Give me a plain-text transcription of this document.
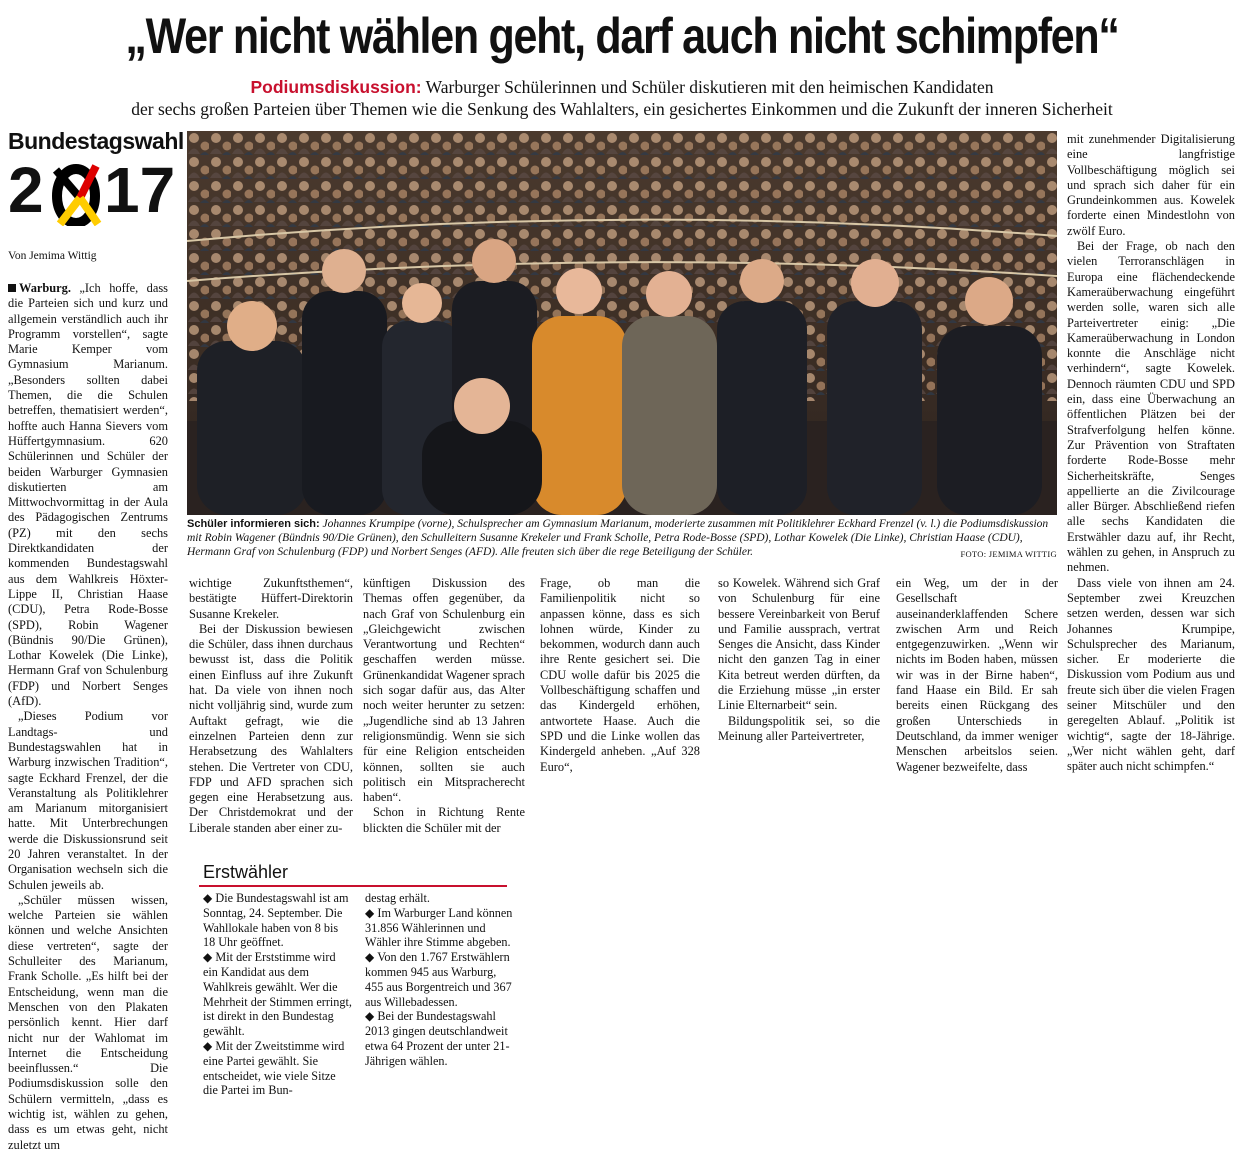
„Wer nicht wählen geht, darf auch nicht schimpfen“
Podiumsdiskussion: Warburger Schülerinnen und Schüler diskutieren mit den heimischen Kandidaten
der sechs großen Parteien über Themen wie die Senkung des Wahlalters, ein gesichertes Einkommen und die Zukunft der inneren Sicherheit
Bundestagswahl
2 17
Von Jemima Wittig

Warburg. „Ich hoffe, dass die Parteien sich und kurz und allgemein verständlich auch ihr Programm vorstellen“, sagte Marie Kemper vom Gymnasium Marianum. „Besonders sollten dabei Themen, die die Schulen betreffen, thematisiert werden“, hoffte auch Hanna Sievers vom Hüffertgymnasium. 620 Schülerinnen und Schüler der beiden Warburger Gymnasien diskutierten am Mittwochvormittag in der Aula des Pädagogischen Zentrums (PZ) mit den sechs Direktkandidaten der kommenden Bundestagswahl aus dem Wahlkreis Höxter-Lippe II, Christian Haase (CDU), Petra Rode-Bosse (SPD), Robin Wagener (Bündnis 90/Die Grünen), Lothar Kowelek (Die Linke), Hermann Graf von Schulenburg (FDP) und Norbert Senges (AfD).

„Dieses Podium vor Landtags- und Bundestagswahlen hat in Warburg inzwischen Tradition“, sagte Eckhard Frenzel, der die Veranstaltung als Politiklehrer am Marianum mitorganisiert hatte. Mit Unterbrechungen werde die Diskussionsrund seit 20 Jahren veranstaltet. In der Organisation wechseln sich die Schulen jeweils ab.

„Schüler müssen wissen, welche Parteien sie wählen können und welche Ansichten diese vertreten“, sagte der Schulleiter des Marianum, Frank Scholle. „Es hilft bei der Entscheidung, wenn man die Menschen von den Plakaten persönlich kennt. Hier darf nicht nur der Wahlomat im Internet die Entscheidung beeinflussen.“ Die Podiumsdiskussion solle den Schülern vermitteln, „dass es wichtig ist, wählen zu gehen, dass es um etwas geht, nicht zuletzt um

Schüler informieren sich: Johannes Krumpipe (vorne), Schulsprecher am Gymnasium Marianum, moderierte zusammen mit Politiklehrer Eckhard Frenzel (v. l.) die Podiumsdiskussion mit Robin Wagener (Bündnis 90/Die Grünen), den Schulleitern Susanne Krekeler und Frank Scholle, Petra Rode-Bosse (SPD), Lothar Kowelek (Die Linke), Christian Haase (CDU), Hermann Graf von Schulenburg (FDP) und Norbert Senges (AFD). Alle freuten sich über die rege Beteiligung der Schüler.	FOTO: JEMIMA WITTIG

wichtige Zukunftsthemen“, bestätigte Hüffert-Direktorin Susanne Krekeler.

Bei der Diskussion bewiesen die Schüler, dass ihnen durchaus bewusst ist, dass die Politik einen Einfluss auf ihre Zukunft hat. Da viele von ihnen noch nicht volljährig sind, wurde zum Auftakt gefragt, wie die einzelnen Parteien denn zur Herabsetzung des Wahlalters stehen. Die Vertreter von CDU, FDP und AFD sprachen sich gegen eine Herabsetzung aus. Der Christdemokrat und der Liberale standen aber einer zu-

künftigen Diskussion des Themas offen gegenüber, da nach Graf von Schulenburg ein „Gleichgewicht zwischen Verantwortung und Rechten“ geschaffen werden müsse. Grünenkandidat Wagener sprach sich sogar dafür aus, das Alter noch weiter herunter zu setzen: „Jugendliche sind ab 13 Jahren religionsmündig. Wenn sie sich für eine Religion entscheiden können, sollten sie auch politisch ein Mitspracherecht haben“.

Schon in Richtung Rente blickten die Schüler mit der

Frage, ob man die Familienpolitik nicht so anpassen könne, dass es sich lohnen würde, Kinder zu bekommen, wodurch dann auch ihre Rente gesichert sei. Die CDU wolle dafür bis 2025 die Vollbeschäftigung schaffen und das Kindergeld erhöhen, antwortete Haase. Auch die SPD und die Linke wollen das Kindergeld anheben. „Auf 328 Euro“,

so Kowelek. Während sich Graf von Schulenburg für eine bessere Vereinbarkeit von Beruf und Familie aussprach, vertrat Senges die Ansicht, dass Kinder nicht den ganzen Tag in einer Kita betreut werden dürften, da die Erziehung müsse „in erster Linie Elternarbeit“ sein.

Bildungspolitik sei, so die Meinung aller Parteivertreter,

ein Weg, um der in der Gesellschaft auseinanderklaffenden Schere zwischen Arm und Reich entgegenzuwirken. „Wenn wir nichts im Boden haben, müssen wir was in der Birne haben“, fand Haase ein Bild. Er sah bereits einen Rückgang des großen Unterschieds in Deutschland, da immer weniger Menschen arbeitslos seien. Wagener bezweifelte, dass

mit zunehmender Digitalisierung eine langfristige Vollbeschäftigung möglich sei und sprach sich daher für ein Grundeinkommen aus. Kowelek forderte einen Mindestlohn von zwölf Euro.

Bei der Frage, ob nach den vielen Terroranschlägen in Europa eine flächendeckende Kameraüberwachung eingeführt werden solle, waren sich alle Parteivertreter einig: „Die Kameraüberwachung in London konnte die Anschläge nicht verhindern“, sagte Kowelek. Dennoch räumten CDU und SPD ein, dass eine Überwachung an öffentlichen Plätzen bei der Strafverfolgung helfen könne. Zur Prävention von Straftaten forderte Rode-Bosse mehr Sicherheitskräfte, Senges appellierte an die Zivilcourage aller Bürger. Abschließend riefen alle sechs Kandidaten die Erstwähler dazu auf, ihr Recht, wählen zu gehen, in Anspruch zu nehmen.

Dass viele von ihnen am 24. September zwei Kreuzchen setzen werden, dessen war sich Johannes Krumpipe, Schulsprecher des Marianum, sicher. Er moderierte die Diskussion vom Podium aus und freute sich über die vielen Fragen seiner Mitschüler und den geregelten Ablauf. „Politik ist wichtig“, sagte der 18-Jährige. „Wer nicht wählen geht, darf später auch nicht schimpfen.“

Erstwähler

◆ Die Bundestagswahl ist am Sonntag, 24. September. Die Wahllokale haben von 8 bis 18 Uhr geöffnet.

◆ Mit der Erststimme wird ein Kandidat aus dem Wahlkreis gewählt. Wer die Mehrheit der Stimmen erringt, ist direkt in den Bundestag gewählt.

◆ Mit der Zweitstimme wird eine Partei gewählt. Sie entscheidet, wie viele Sitze die Partei im Bun-

destag erhält.

◆ Im Warburger Land können 31.856 Wählerinnen und Wähler ihre Stimme abgeben.

◆ Von den 1.767 Erstwählern kommen 945 aus Warburg, 455 aus Borgentreich und 367 aus Willebadessen.

◆ Bei der Bundestagswahl 2013 gingen deutschlandweit etwa 64 Prozent der unter 21-Jährigen wählen.
